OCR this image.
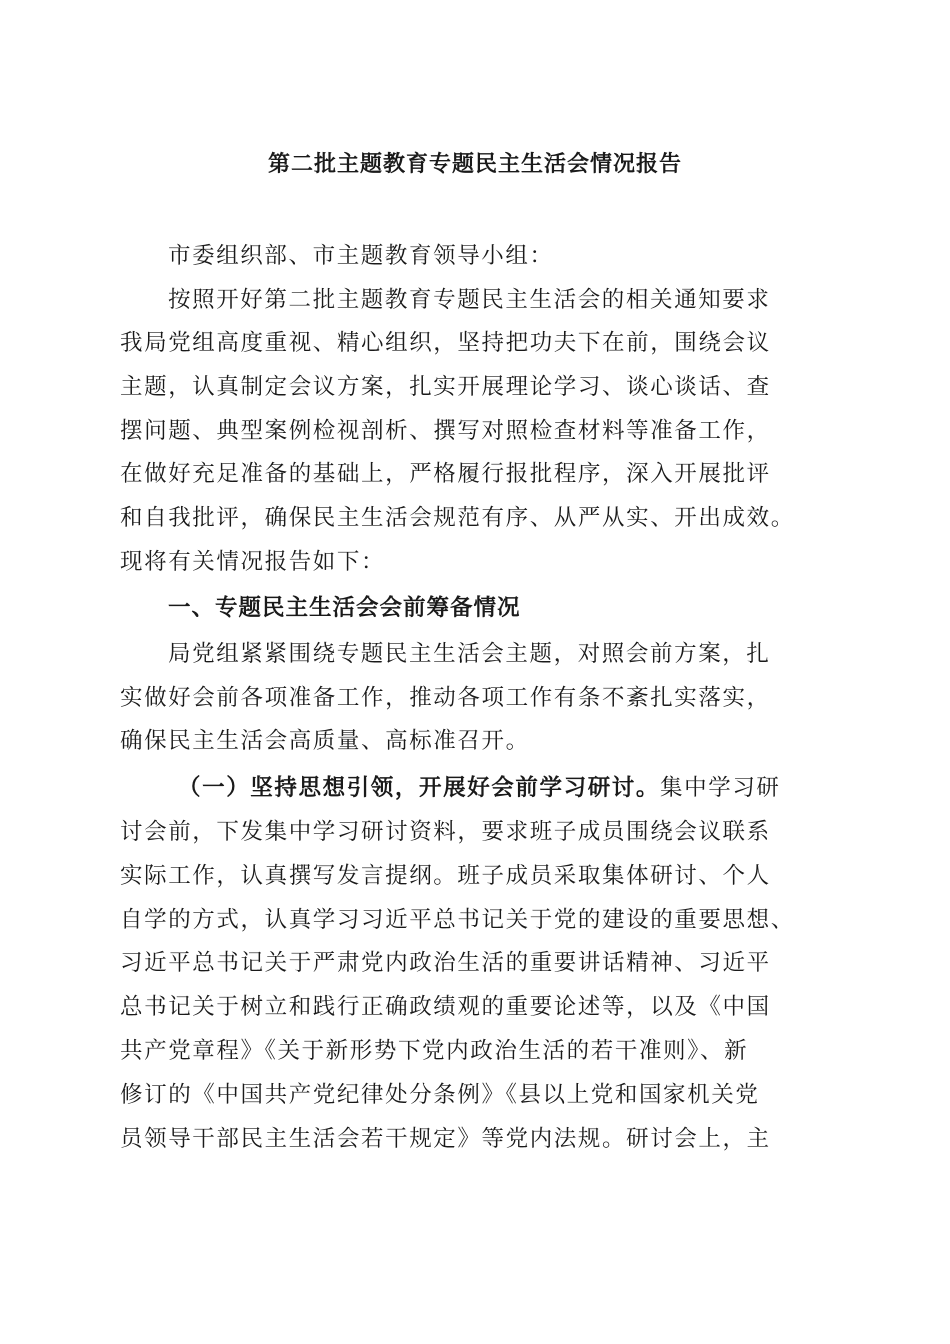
第二批主题教育专题民主生活会情况报告
市委组织部、市主题教育领导小组：
按照开好第二批主题教育专题民主生活会的相关通知要求
我局党组高度重视、精心组织，坚持把功夫下在前，围绕会议
主题，认真制定会议方案，扎实开展理论学习、谈心谈话、查
摆问题、典型案例检视剖析、撰写对照检查材料等准备工作，
在做好充足准备的基础上，严格履行报批程序，深入开展批评
和自我批评，确保民主生活会规范有序、从严从实、开出成效。
现将有关情况报告如下：
一、专题民主生活会会前筹备情况
局党组紧紧围绕专题民主生活会主题，对照会前方案，扎
实做好会前各项准备工作，推动各项工作有条不紊扎实落实，
确保民主生活会高质量、高标准召开。
（一）坚持思想引领，开展好会前学习研讨。集中学习研
讨会前，下发集中学习研讨资料，要求班子成员围绕会议联系
实际工作，认真撰写发言提纲。班子成员采取集体研讨、个人
自学的方式，认真学习习近平总书记关于党的建设的重要思想、
习近平总书记关于严肃党内政治生活的重要讲话精神、习近平
总书记关于树立和践行正确政绩观的重要论述等，以及《中国
共产党章程》《关于新形势下党内政治生活的若干准则》、新
修订的《中国共产党纪律处分条例》《县以上党和国家机关党
员领导干部民主生活会若干规定》等党内法规。研讨会上，主
